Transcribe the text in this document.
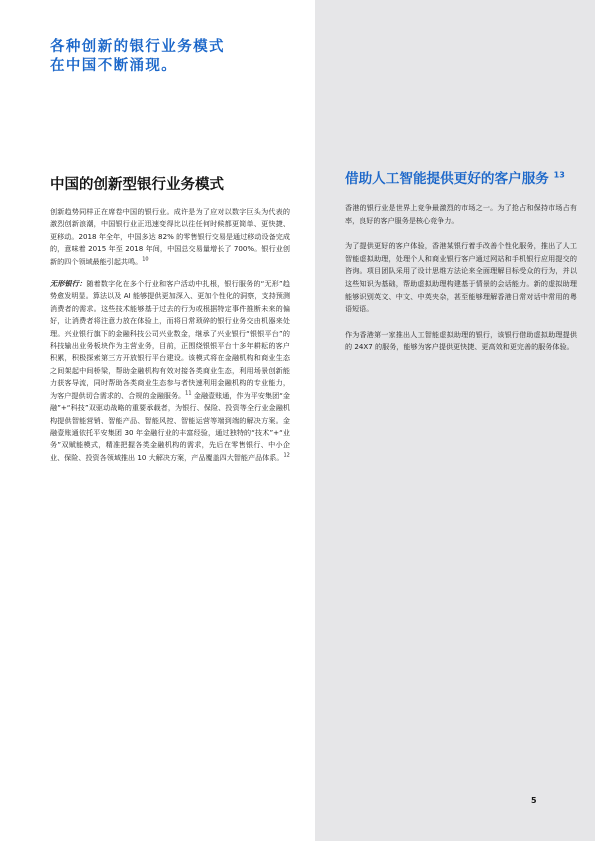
各种创新的银行业务模式
在中国不断涌现。
中国的创新型银行业务模式

创新趋势同样正在席卷中国的银行业。成许是为了应对以数字巨头为代表的激烈创新浪潮，中国银行业正迅速变得比以往任何时候都更简单、更快捷、更移动。2018 年全年，中国多达 82% 的零售银行交易是通过移动设备完成的，意味着 2015 年至 2018 年间，中国总交易量增长了 700%。银行业创新的四个领域最能引起共鸣。$^{10}$

无形银行：随着数字化在多个行业和客户活动中扎根，银行服务的“无形”趋势愈发明显。算法以及 AI 能够提供更加深入、更加个性化的洞察，支持预测消费者的需求。这些技术能够基于过去的行为或根据特定事件推断未来的偏好，让消费者将注意力放在体验上，而将日常琐碎的银行业务交由机器来处理。兴业银行旗下的金融科技公司兴业数金，继承了兴业银行“银银平台”的科技输出业务板块作为主营业务，目前，正围绕银银平台十多年耕耘的客户积累，积极探索第三方开放银行平台建设。该模式将在金融机构和商业生态之间架起中间桥梁，帮助金融机构有效对接各类商业生态，利用场景创新能力获客导流，同时帮助各类商业生态参与者快速利用金融机构的专业能力，为客户提供切合需求的、合规的金融服务。$^{11}$ 金融壹账通，作为平安集团“金融”+“科技”双驱动战略的重要承载者，为银行、保险、投资等全行业金融机构提供智能营销、智能产品、智能风控、智能运营等端到端的解决方案。金融壹账通依托平安集团 30 年金融行业的丰富经验，通过独特的“技术”+“业务”双赋能模式，精准把握各类金融机构的需求，先后在零售银行、中小企业、保险、投资各领域推出 10 大解决方案，产品覆盖四大智能产品体系。$^{12}$

借助人工智能提供更好的客户服务 $^{13}$

香港的银行业是世界上竞争最激烈的市场之一。为了抢占和保持市场占有率，良好的客户服务是核心竞争力。

为了提供更好的客户体验，香港某银行着手改善个性化服务，推出了人工智能虚拟助理，处理个人和商业银行客户通过网站和手机银行应用提交的咨询。项目团队采用了设计思维方法论来全面理解目标受众的行为，并以这些知识为基础，帮助虚拟助理构建基于情景的会话能力。新的虚拟助理能够识别英文、中文、中英夹杂，甚至能够理解香港日常对话中常用的粤语短语。

作为香港第一家推出人工智能虚拟助理的银行，该银行借助虚拟助理提供的 24X7 的服务，能够为客户提供更快捷、更高效和更完善的服务体验。

5
